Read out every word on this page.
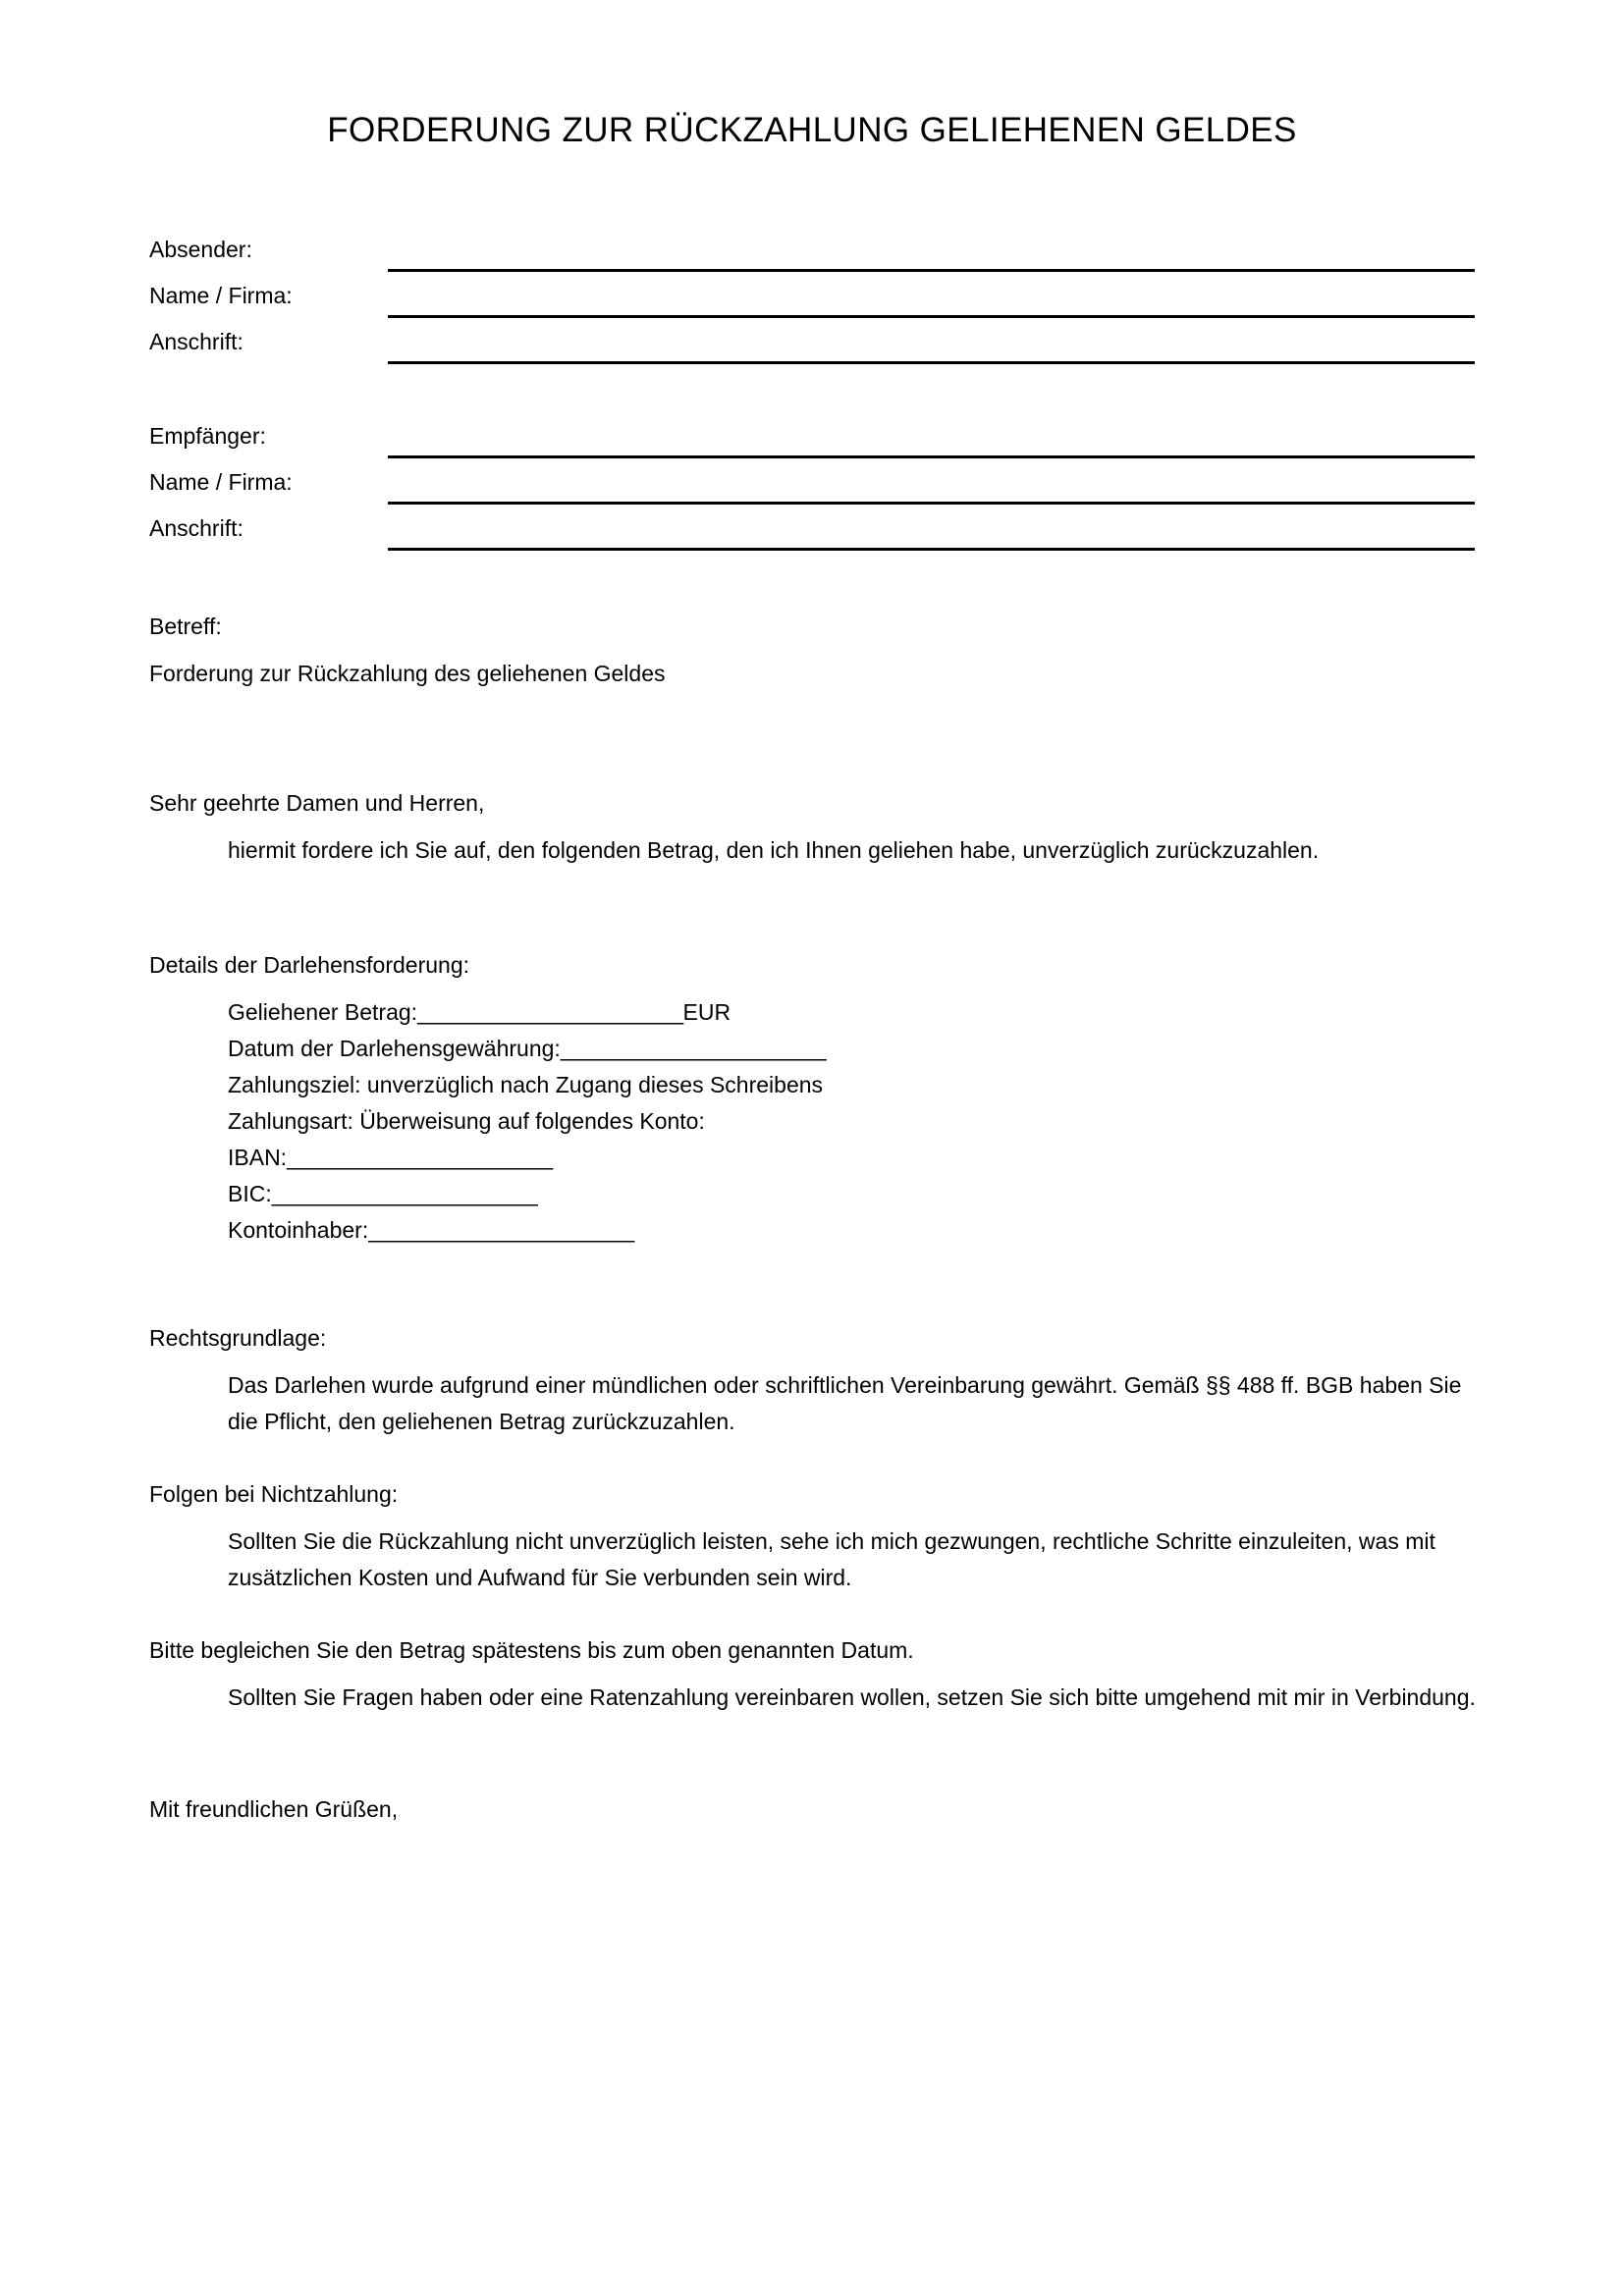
FORDERUNG ZUR RÜCKZAHLUNG GELIEHENEN GELDES
Absender:
Name / Firma:
Anschrift:
Empfänger:
Name / Firma:
Anschrift:
Betreff:
Forderung zur Rückzahlung des geliehenen Geldes
Sehr geehrte Damen und Herren,
hiermit fordere ich Sie auf, den folgenden Betrag, den ich Ihnen geliehen habe, unverzüglich zurückzuzahlen.
Details der Darlehensforderung:
Geliehener Betrag:______________________EUR
Datum der Darlehensgewährung:______________________
Zahlungsziel: unverzüglich nach Zugang dieses Schreibens
Zahlungsart: Überweisung auf folgendes Konto:
IBAN:______________________
BIC:______________________
Kontoinhaber:______________________
Rechtsgrundlage:
Das Darlehen wurde aufgrund einer mündlichen oder schriftlichen Vereinbarung gewährt. Gemäß §§ 488 ff. BGB haben Sie die Pflicht, den geliehenen Betrag zurückzuzahlen.
Folgen bei Nichtzahlung:
Sollten Sie die Rückzahlung nicht unverzüglich leisten, sehe ich mich gezwungen, rechtliche Schritte einzuleiten, was mit zusätzlichen Kosten und Aufwand für Sie verbunden sein wird.
Bitte begleichen Sie den Betrag spätestens bis zum oben genannten Datum.
Sollten Sie Fragen haben oder eine Ratenzahlung vereinbaren wollen, setzen Sie sich bitte umgehend mit mir in Verbindung.
Mit freundlichen Grüßen,
